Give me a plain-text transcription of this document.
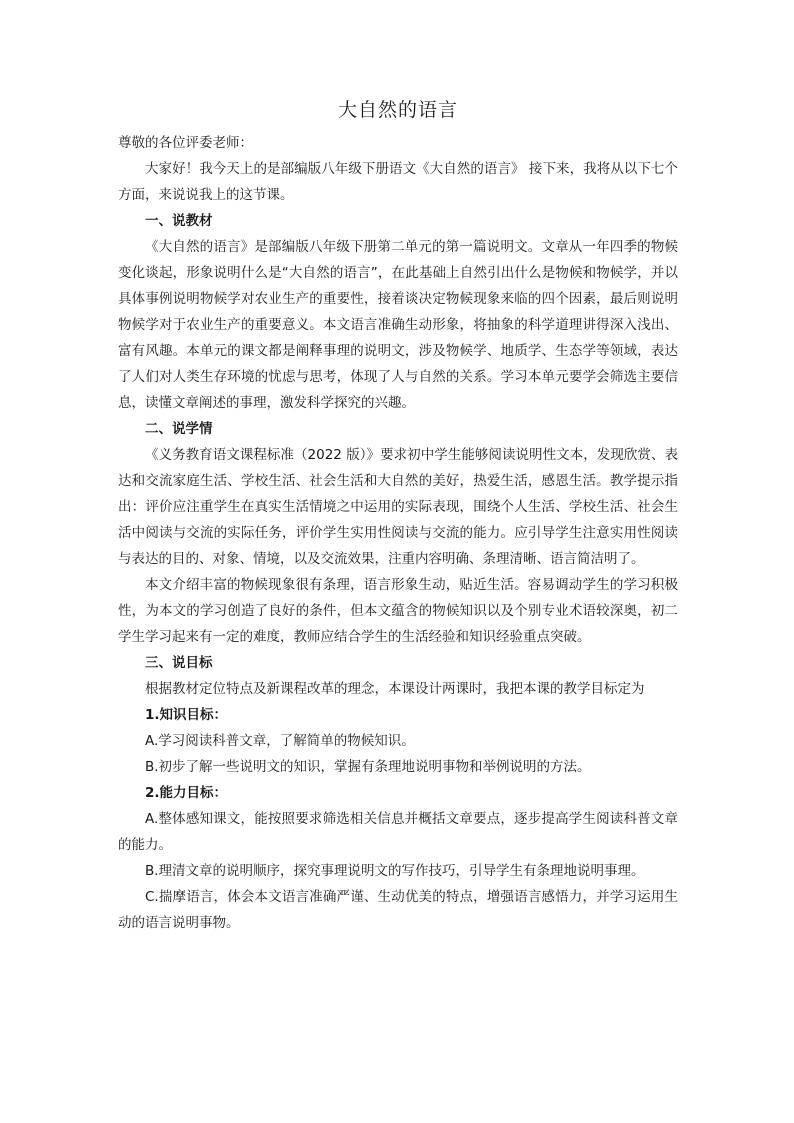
大自然的语言

尊敬的各位评委老师：

大家好！我今天上的是部编版八年级下册语文《大自然的语言》 接下来，我将从以下七个方面，来说说我上的这节课。

一、说教材

《大自然的语言》是部编版八年级下册第二单元的第一篇说明文。文章从一年四季的物候变化谈起，形象说明什么是“大自然的语言”，在此基础上自然引出什么是物候和物候学，并以具体事例说明物候学对农业生产的重要性，接着谈决定物候现象来临的四个因素，最后则说明物候学对于农业生产的重要意义。本文语言准确生动形象，将抽象的科学道理讲得深入浅出、富有风趣。本单元的课文都是阐释事理的说明文，涉及物候学、地质学、生态学等领域，表达了人们对人类生存环境的忧虑与思考，体现了人与自然的关系。学习本单元要学会筛选主要信息，读懂文章阐述的事理，激发科学探究的兴趣。

二、说学情

《义务教育语文课程标准（2022 版）》要求初中学生能够阅读说明性文本，发现欣赏、表达和交流家庭生活、学校生活、社会生活和大自然的美好，热爱生活，感恩生活。教学提示指出：评价应注重学生在真实生活情境之中运用的实际表现，围绕个人生活、学校生活、社会生活中阅读与交流的实际任务，评价学生实用性阅读与交流的能力。应引导学生注意实用性阅读与表达的目的、对象、情境，以及交流效果，注重内容明确、条理清晰、语言简洁明了。

本文介绍丰富的物候现象很有条理，语言形象生动，贴近生活。容易调动学生的学习积极性，为本文的学习创造了良好的条件，但本文蕴含的物候知识以及个别专业术语较深奥，初二学生学习起来有一定的难度，教师应结合学生的生活经验和知识经验重点突破。

三、说目标

根据教材定位特点及新课程改革的理念，本课设计两课时，我把本课的教学目标定为

1.知识目标：

A.学习阅读科普文章，了解简单的物候知识。

B.初步了解一些说明文的知识，掌握有条理地说明事物和举例说明的方法。

2.能力目标：

A.整体感知课文，能按照要求筛选相关信息并概括文章要点，逐步提高学生阅读科普文章的能力。

B.理清文章的说明顺序，探究事理说明文的写作技巧，引导学生有条理地说明事理。

C.揣摩语言，体会本文语言准确严谨、生动优美的特点，增强语言感悟力，并学习运用生动的语言说明事物。
